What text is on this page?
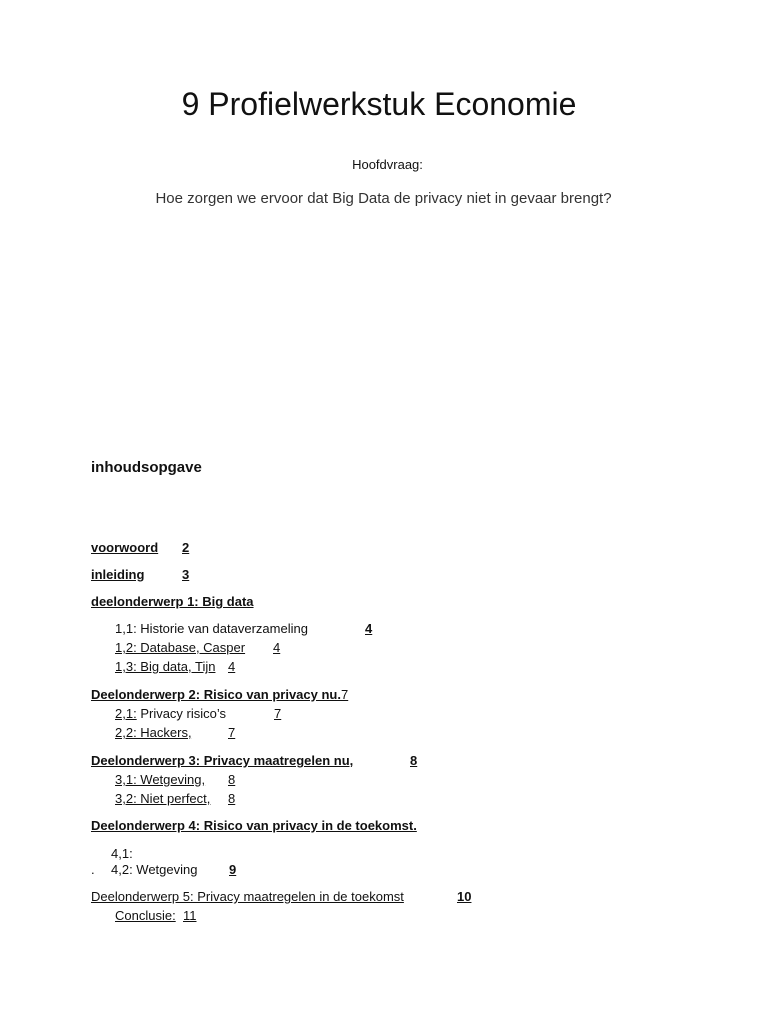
9 Profielwerkstuk Economie
Hoofdvraag:
Hoe zorgen we ervoor dat Big Data de privacy niet in gevaar brengt?
inhoudsopgave
voorwoord 2
inleiding	3
deelonderwerp 1: Big data
1,1: Historie van dataverzameling	4
1,2: Database, Casper 4
1,3: Big data, Tijn 4
Deelonderwerp 2: Risico van privacy nu.7
2,1: Privacy risico’s	7
2,2: Hackers,	7
Deelonderwerp 3: Privacy maatregelen nu,	8
3,1: Wetgeving, 8
3,2: Niet perfect, 8
Deelonderwerp 4: Risico van privacy in de toekomst.
4,1:
. 4,2: Wetgeving 9
Deelonderwerp 5: Privacy maatregelen in de toekomst	10
Conclusie: 11
